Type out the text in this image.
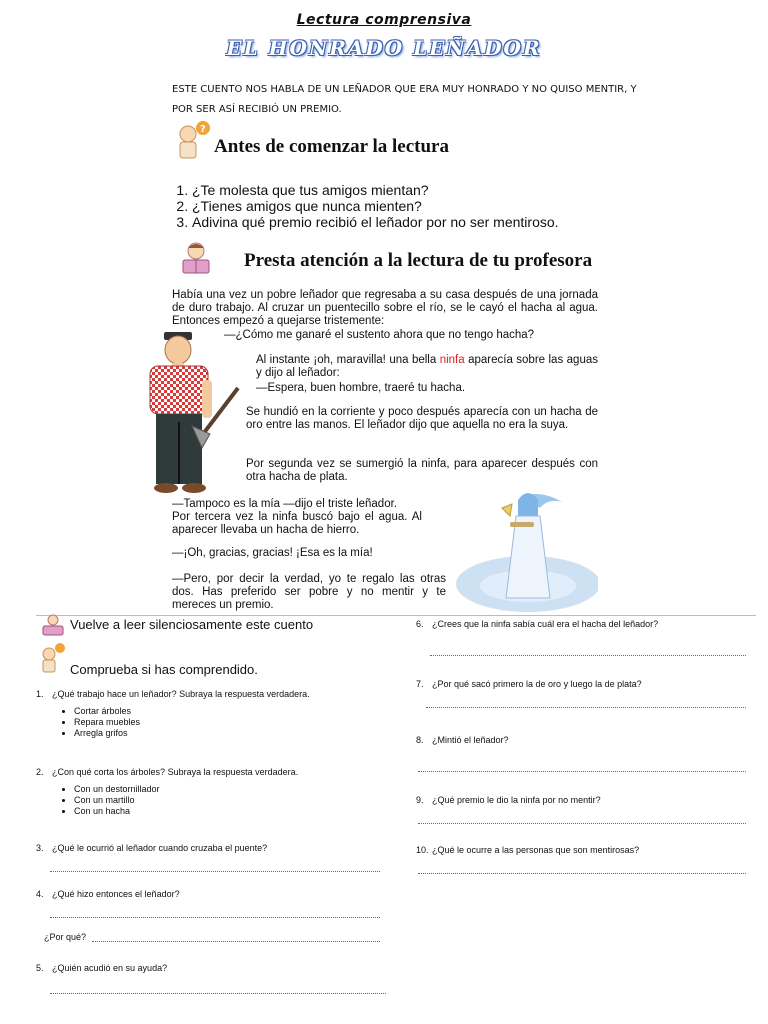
Lectura comprensiva
EL HONRADO LEÑADOR
ESTE CUENTO NOS HABLA DE UN LEÑADOR QUE ERA MUY HONRADO Y NO QUISO MENTIR, Y
POR SER ASÍ RECIBIÓ UN PREMIO.
?
Antes de comenzar la lectura
1. ¿Te molesta que tus amigos mientan?
2. ¿Tienes amigos que nunca mienten?
3. Adivina qué premio recibió el leñador por no ser mentiroso.
Presta atención a la lectura de tu profesora
Había una vez un pobre leñador que regresaba a su casa después de una jornada de duro trabajo. Al cruzar un puentecillo sobre el río, se le cayó el hacha al agua. Entonces empezó a quejarse tristemente:
—¿Cómo me ganaré el sustento ahora que no tengo hacha?

Al instante ¡oh, maravilla! una bella ninfa aparecía sobre las aguas y dijo al leñador:

—Espera, buen hombre, traeré tu hacha.

Se hundió en la corriente y poco después aparecía con un hacha de oro entre las manos. El leñador dijo que aquella no era la suya.

Por segunda vez se sumergió la ninfa, para aparecer después con otra hacha de plata.

—Tampoco es la mía —dijo el triste leñador.
Por tercera vez la ninfa buscó bajo el agua. Al aparecer llevaba un hacha de hierro.
—¡Oh, gracias, gracias! ¡Esa es la mía!
—Pero, por decir la verdad, yo te regalo las otras dos. Has preferido ser pobre y no mentir y te mereces un premio.
Vuelve a leer silenciosamente este cuento
Comprueba si has comprendido.
1. ¿Qué trabajo hace un leñador? Subraya la respuesta verdadera.
• Cortar árboles
• Repara muebles
• Arregla grifos
2. ¿Con qué corta los árboles? Subraya la respuesta verdadera.
• Con un destornillador
• Con un martillo
• Con un hacha
3. ¿Qué le ocurrió al leñador cuando cruzaba el puente?
4. ¿Qué hizo entonces el leñador?
¿Por qué?
5. ¿Quién acudió en su ayuda?
6. ¿Crees que la ninfa sabía cuál era el hacha del leñador?
7. ¿Por qué sacó primero la de oro y luego la de plata?
8. ¿Mintió el leñador?
9. ¿Qué premio le dio la ninfa por no mentir?
10. ¿Qué le ocurre a las personas que son mentirosas?
